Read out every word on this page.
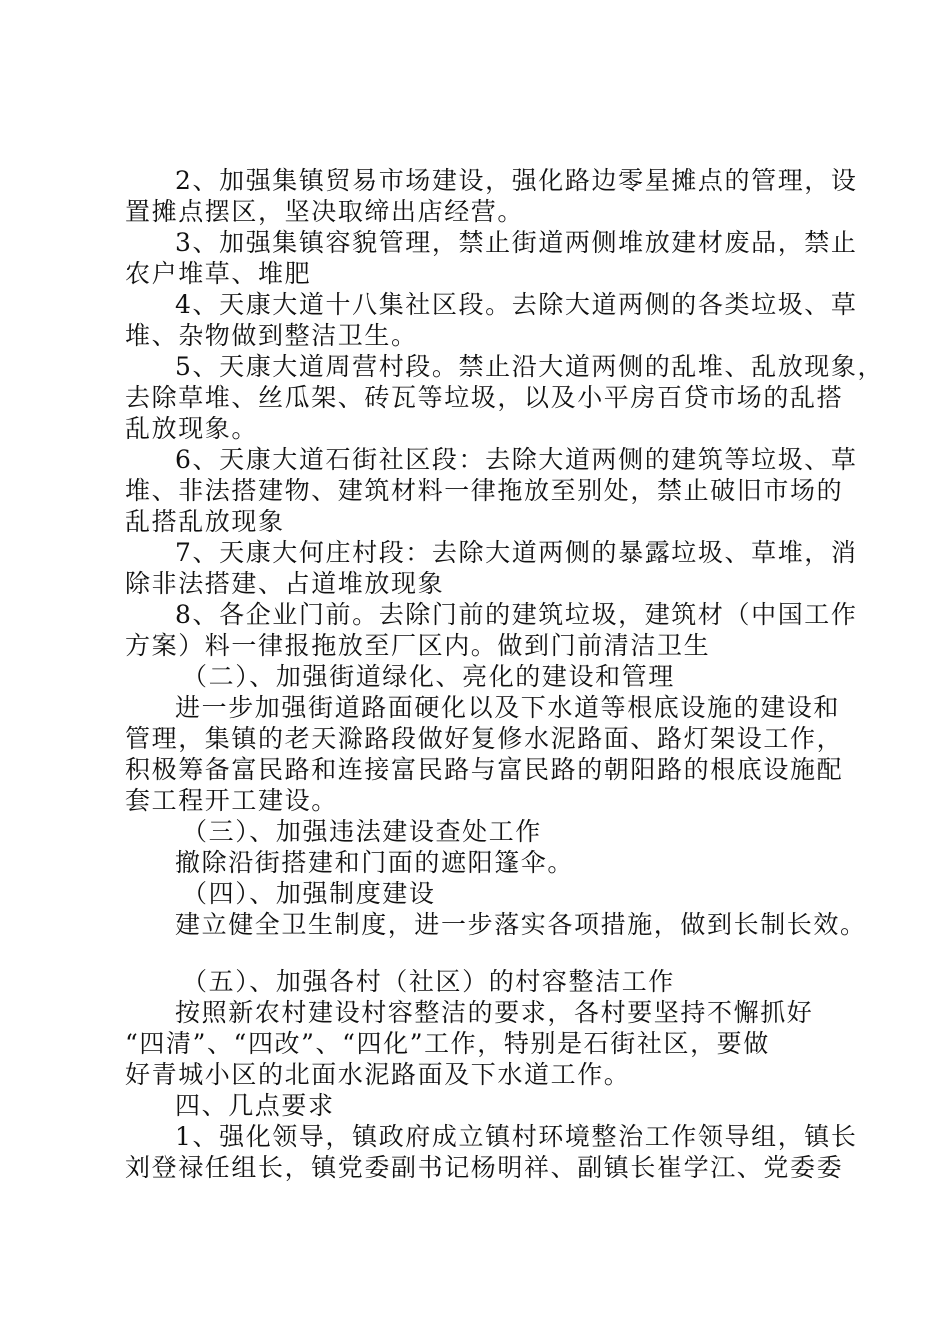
2、加强集镇贸易市场建设，强化路边零星摊点的管理，设
置摊点摆区，坚决取缔出店经营。
3、加强集镇容貌管理，禁止街道两侧堆放建材废品，禁止
农户堆草、堆肥
4、天康大道十八集社区段。去除大道两侧的各类垃圾、草
堆、杂物做到整洁卫生。
5、天康大道周营村段。禁止沿大道两侧的乱堆、乱放现象，
去除草堆、丝瓜架、砖瓦等垃圾，以及小平房百贷市场的乱搭
乱放现象。
6、天康大道石街社区段：去除大道两侧的建筑等垃圾、草
堆、非法搭建物、建筑材料一律拖放至别处，禁止破旧市场的
乱搭乱放现象
7、天康大何庄村段：去除大道两侧的暴露垃圾、草堆，消
除非法搭建、占道堆放现象
8、各企业门前。去除门前的建筑垃圾，建筑材（中国工作
方案）料一律报拖放至厂区内。做到门前清洁卫生
（二）、加强街道绿化、亮化的建设和管理
进一步加强街道路面硬化以及下水道等根底设施的建设和
管理，集镇的老天滁路段做好复修水泥路面、路灯架设工作，
积极筹备富民路和连接富民路与富民路的朝阳路的根底设施配
套工程开工建设。
（三）、加强违法建设查处工作
撤除沿街搭建和门面的遮阳篷伞。
（四）、加强制度建设
建立健全卫生制度，进一步落实各项措施，做到长制长效。
（五）、加强各村（社区）的村容整洁工作
按照新农村建设村容整洁的要求，各村要坚持不懈抓好
“四清”、“四改”、“四化”工作，特别是石街社区，要做
好青城小区的北面水泥路面及下水道工作。
四、几点要求
1、强化领导，镇政府成立镇村环境整治工作领导组，镇长
刘登禄任组长，镇党委副书记杨明祥、副镇长崔学江、党委委
